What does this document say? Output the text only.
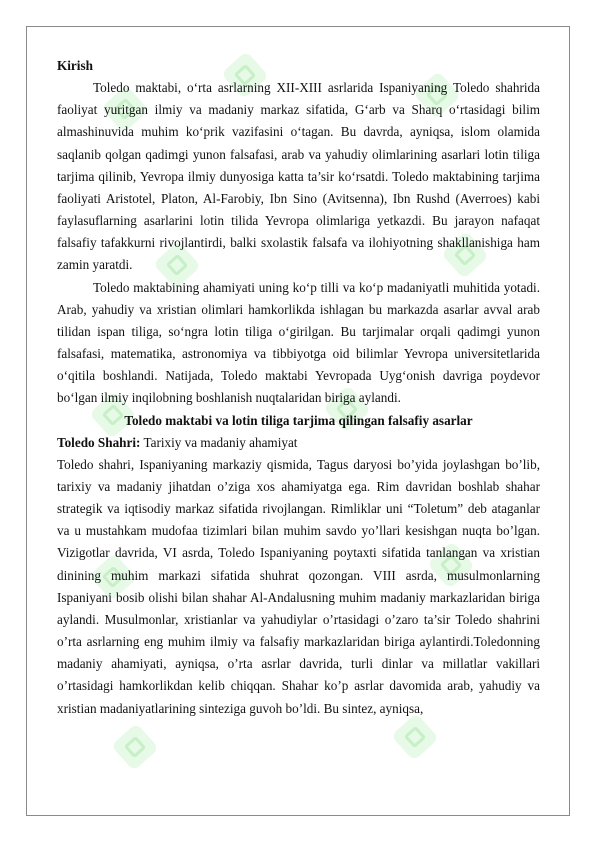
Kirish

Toledo maktabi, o‘rta asrlarning XII-XIII asrlarida Ispaniyaning Toledo shahrida faoliyat yuritgan ilmiy va madaniy markaz sifatida, G‘arb va Sharq o‘rtasidagi bilim almashinuvida muhim ko‘prik vazifasini o‘tagan. Bu davrda, ayniqsa, islom olamida saqlanib qolgan qadimgi yunon falsafasi, arab va yahudiy olimlarining asarlari lotin tiliga tarjima qilinib, Yevropa ilmiy dunyosiga katta ta’sir ko‘rsatdi. Toledo maktabining tarjima faoliyati Aristotel, Platon, Al-Farobiy, Ibn Sino (Avitsenna), Ibn Rushd (Averroes) kabi faylasuflarning asarlarini lotin tilida Yevropa olimlariga yetkazdi. Bu jarayon nafaqat falsafiy tafakkurni rivojlantirdi, balki sxolastik falsafa va ilohiyotning shakllanishiga ham zamin yaratdi.

Toledo maktabining ahamiyati uning ko‘p tilli va ko‘p madaniyatli muhitida yotadi. Arab, yahudiy va xristian olimlari hamkorlikda ishlagan bu markazda asarlar avval arab tilidan ispan tiliga, so‘ngra lotin tiliga o‘girilgan. Bu tarjimalar orqali qadimgi yunon falsafasi, matematika, astronomiya va tibbiyotga oid bilimlar Yevropa universitetlarida o‘qitila boshlandi. Natijada, Toledo maktabi Yevropada Uyg‘onish davriga poydevor bo‘lgan ilmiy inqilobning boshlanish nuqtalaridan biriga aylandi.

Toledo maktabi va lotin tiliga tarjima qilingan falsafiy asarlar

Toledo Shahri: Tarixiy va madaniy ahamiyat

Toledo shahri, Ispaniyaning markaziy qismida, Tagus daryosi bo’yida joylashgan bo’lib, tarixiy va madaniy jihatdan o’ziga xos ahamiyatga ega. Rim davridan boshlab shahar strategik va iqtisodiy markaz sifatida rivojlangan. Rimliklar uni “Toletum” deb ataganlar va u mustahkam mudofaa tizimlari bilan muhim savdo yo’llari kesishgan nuqta bo’lgan. Vizigotlar davrida, VI asrda, Toledo Ispaniyaning poytaxti sifatida tanlangan va xristian dinining muhim markazi sifatida shuhrat qozongan. VIII asrda, musulmonlarning Ispaniyani bosib olishi bilan shahar Al-Andalusning muhim madaniy markazlaridan biriga aylandi. Musulmonlar, xristianlar va yahudiylar o’rtasidagi o’zaro ta’sir Toledo shahrini o’rta asrlarning eng muhim ilmiy va falsafiy markazlaridan biriga aylantirdi.Toledonning madaniy ahamiyati, ayniqsa, o’rta asrlar davrida, turli dinlar va millatlar vakillari o’rtasidagi hamkorlikdan kelib chiqqan. Shahar ko’p asrlar davomida arab, yahudiy va xristian madaniyatlarining sinteziga guvoh bo’ldi. Bu sintez, ayniqsa,
